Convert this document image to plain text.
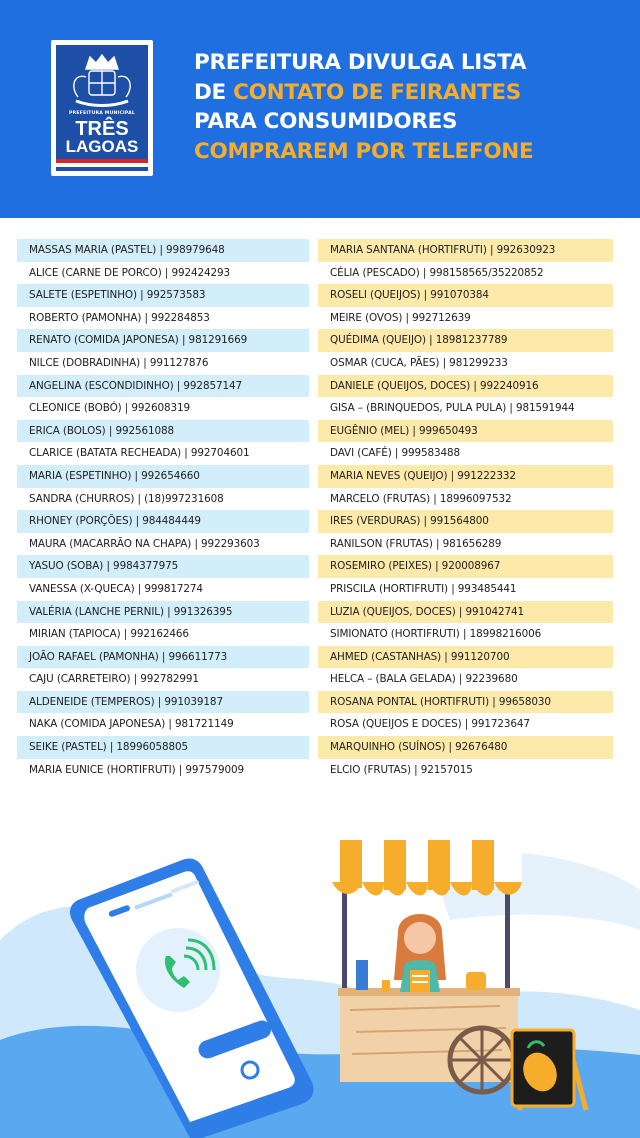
PREFEITURA MUNICIPAL
TRÊS
LAGOAS
PREFEITURA DIVULGA LISTA
DE CONTATO DE FEIRANTES
PARA CONSUMIDORES
COMPRAREM POR TELEFONE
MASSAS MARIA (PASTEL) | 998979648
ALICE (CARNE DE PORCO) | 992424293
SALETE (ESPETINHO) | 992573583
ROBERTO (PAMONHA) | 992284853
RENATO (COMIDA JAPONESA) | 981291669
NILCE (DOBRADINHA) | 991127876
ANGELINA (ESCONDIDINHO) | 992857147
CLEONICE (BOBÓ) | 992608319
ERICA (BOLOS) | 992561088
CLARICE (BATATA RECHEADA) | 992704601
MARIA (ESPETINHO) | 992654660
SANDRA (CHURROS) | (18)997231608
RHONEY (PORÇÕES) | 984484449
MAURA (MACARRÃO NA CHAPA) | 992293603
YASUO (SOBA) | 9984377975
VANESSA (X-QUECA) | 999817274
VALÉRIA (LANCHE PERNIL) | 991326395
MIRIAN (TAPIOCA) | 992162466
JOÃO RAFAEL (PAMONHA) | 996611773
CAJU (CARRETEIRO) | 992782991
ALDENEIDE (TEMPEROS) | 991039187
NAKA (COMIDA JAPONESA) | 981721149
SEIKE (PASTEL) | 18996058805
MARIA EUNICE (HORTIFRUTI) | 997579009
MARIA SANTANA (HORTIFRUTI) | 992630923
CÉLIA (PESCADO) | 998158565/35220852
ROSELI (QUEIJOS) | 991070384
MEIRE (OVOS) | 992712639
QUÉDIMA (QUEIJO) | 18981237789
OSMAR (CUCA, PÃES) | 981299233
DANIELE (QUEIJOS, DOCES) | 992240916
GISA – (BRINQUEDOS, PULA PULA) | 981591944
EUGÊNIO (MEL) | 999650493
DAVI (CAFÉ) | 999583488
MARIA NEVES (QUEIJO) | 991222332
MARCELO (FRUTAS) | 18996097532
IRES (VERDURAS) | 991564800
RANILSON (FRUTAS) | 981656289
ROSEMIRO (PEIXES) | 920008967
PRISCILA (HORTIFRUTI) | 993485441
LUZIA (QUEIJOS, DOCES) | 991042741
SIMIONATO (HORTIFRUTI) | 18998216006
AHMED (CASTANHAS) | 991120700
HELCA – (BALA GELADA) | 92239680
ROSANA PONTAL (HORTIFRUTI) | 99658030
ROSA (QUEIJOS E DOCES) | 991723647
MARQUINHO (SUÍNOS) | 92676480
ELCIO (FRUTAS) | 92157015
